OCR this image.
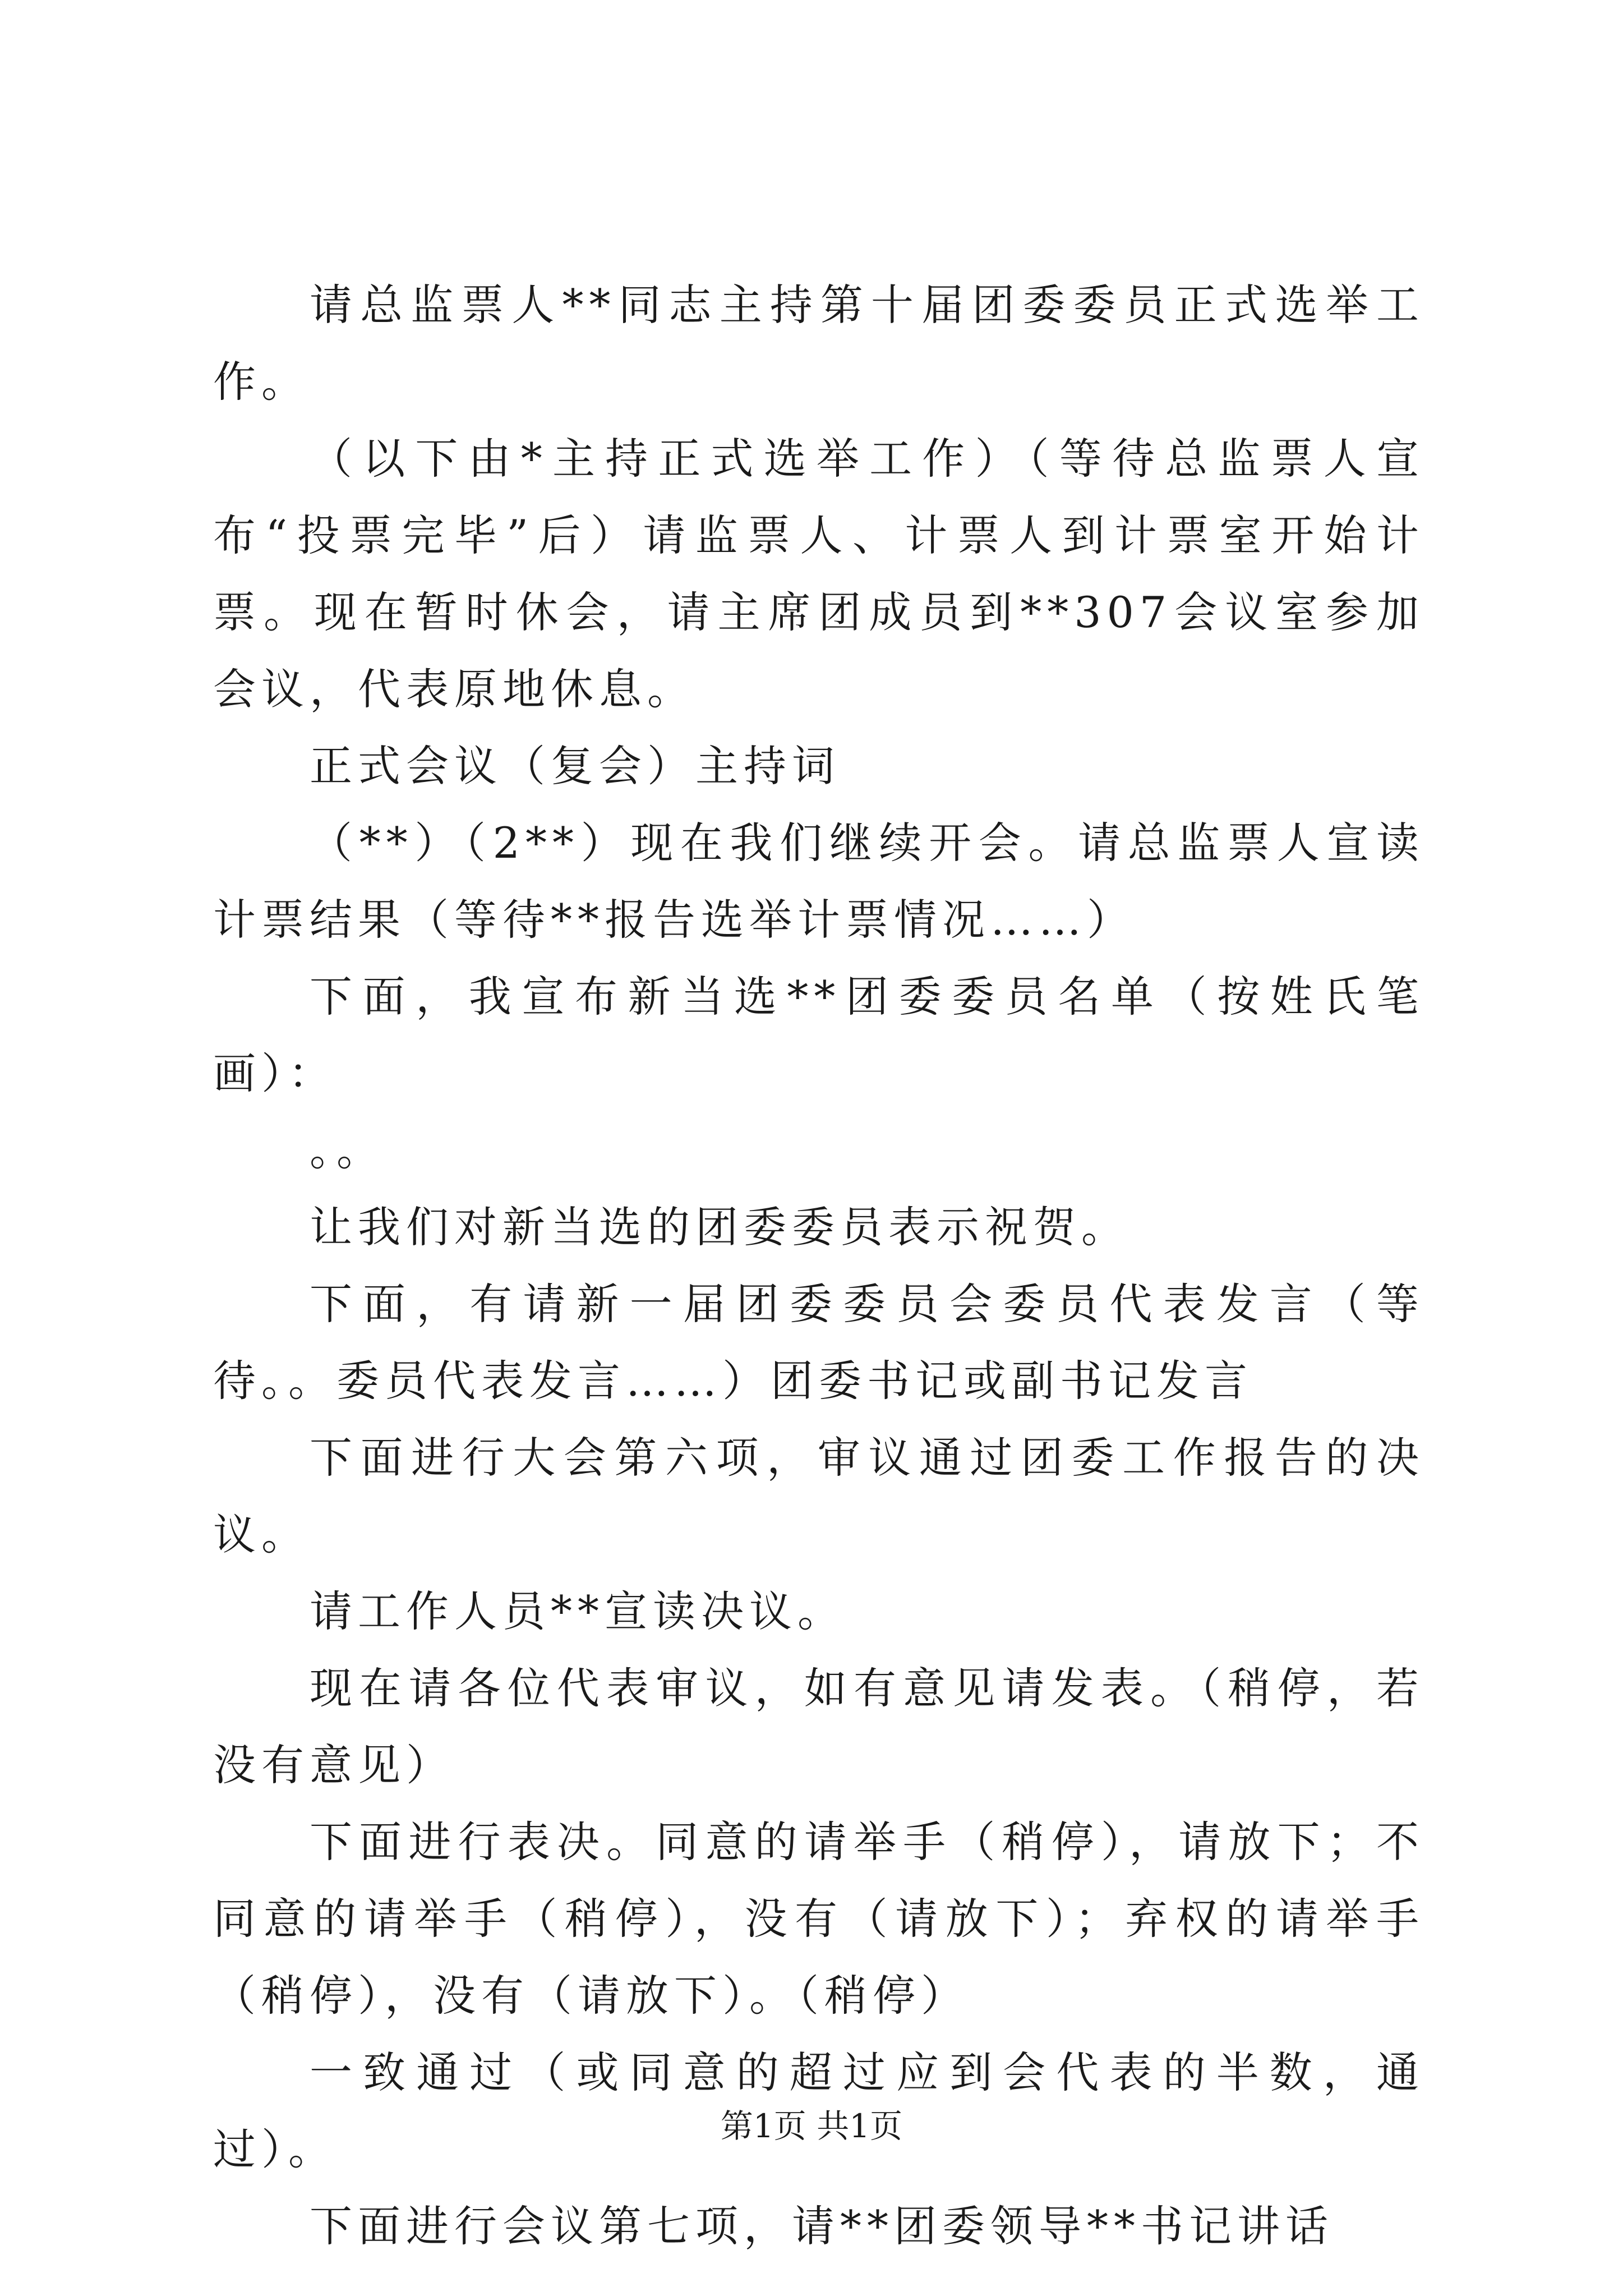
请总监票人**同志主持第十届团委委员正式选举工作。

（以下由*主持正式选举工作）（等待总监票人宣布“投票完毕”后）请监票人、计票人到计票室开始计票。现在暂时休会，请主席团成员到**307会议室参加会议，代表原地休息。

正式会议（复会）主持词

（**）（2**）现在我们继续开会。请总监票人宣读计票结果（等待**报告选举计票情况……）

下面，我宣布新当选**团委委员名单（按姓氏笔画）：

。。

让我们对新当选的团委委员表示祝贺。

下面，有请新一届团委委员会委员代表发言（等待。。委员代表发言……）团委书记或副书记发言

下面进行大会第六项，审议通过团委工作报告的决议。

请工作人员**宣读决议。

现在请各位代表审议，如有意见请发表。（稍停，若没有意见）

下面进行表决。同意的请举手（稍停），请放下；不同意的请举手（稍停），没有（请放下）；弃权的请举手（稍停），没有（请放下）。（稍停）

一致通过（或同意的超过应到会代表的半数，通过）。

下面进行会议第七项，请**团委领导**书记讲话

第1页 共1页
